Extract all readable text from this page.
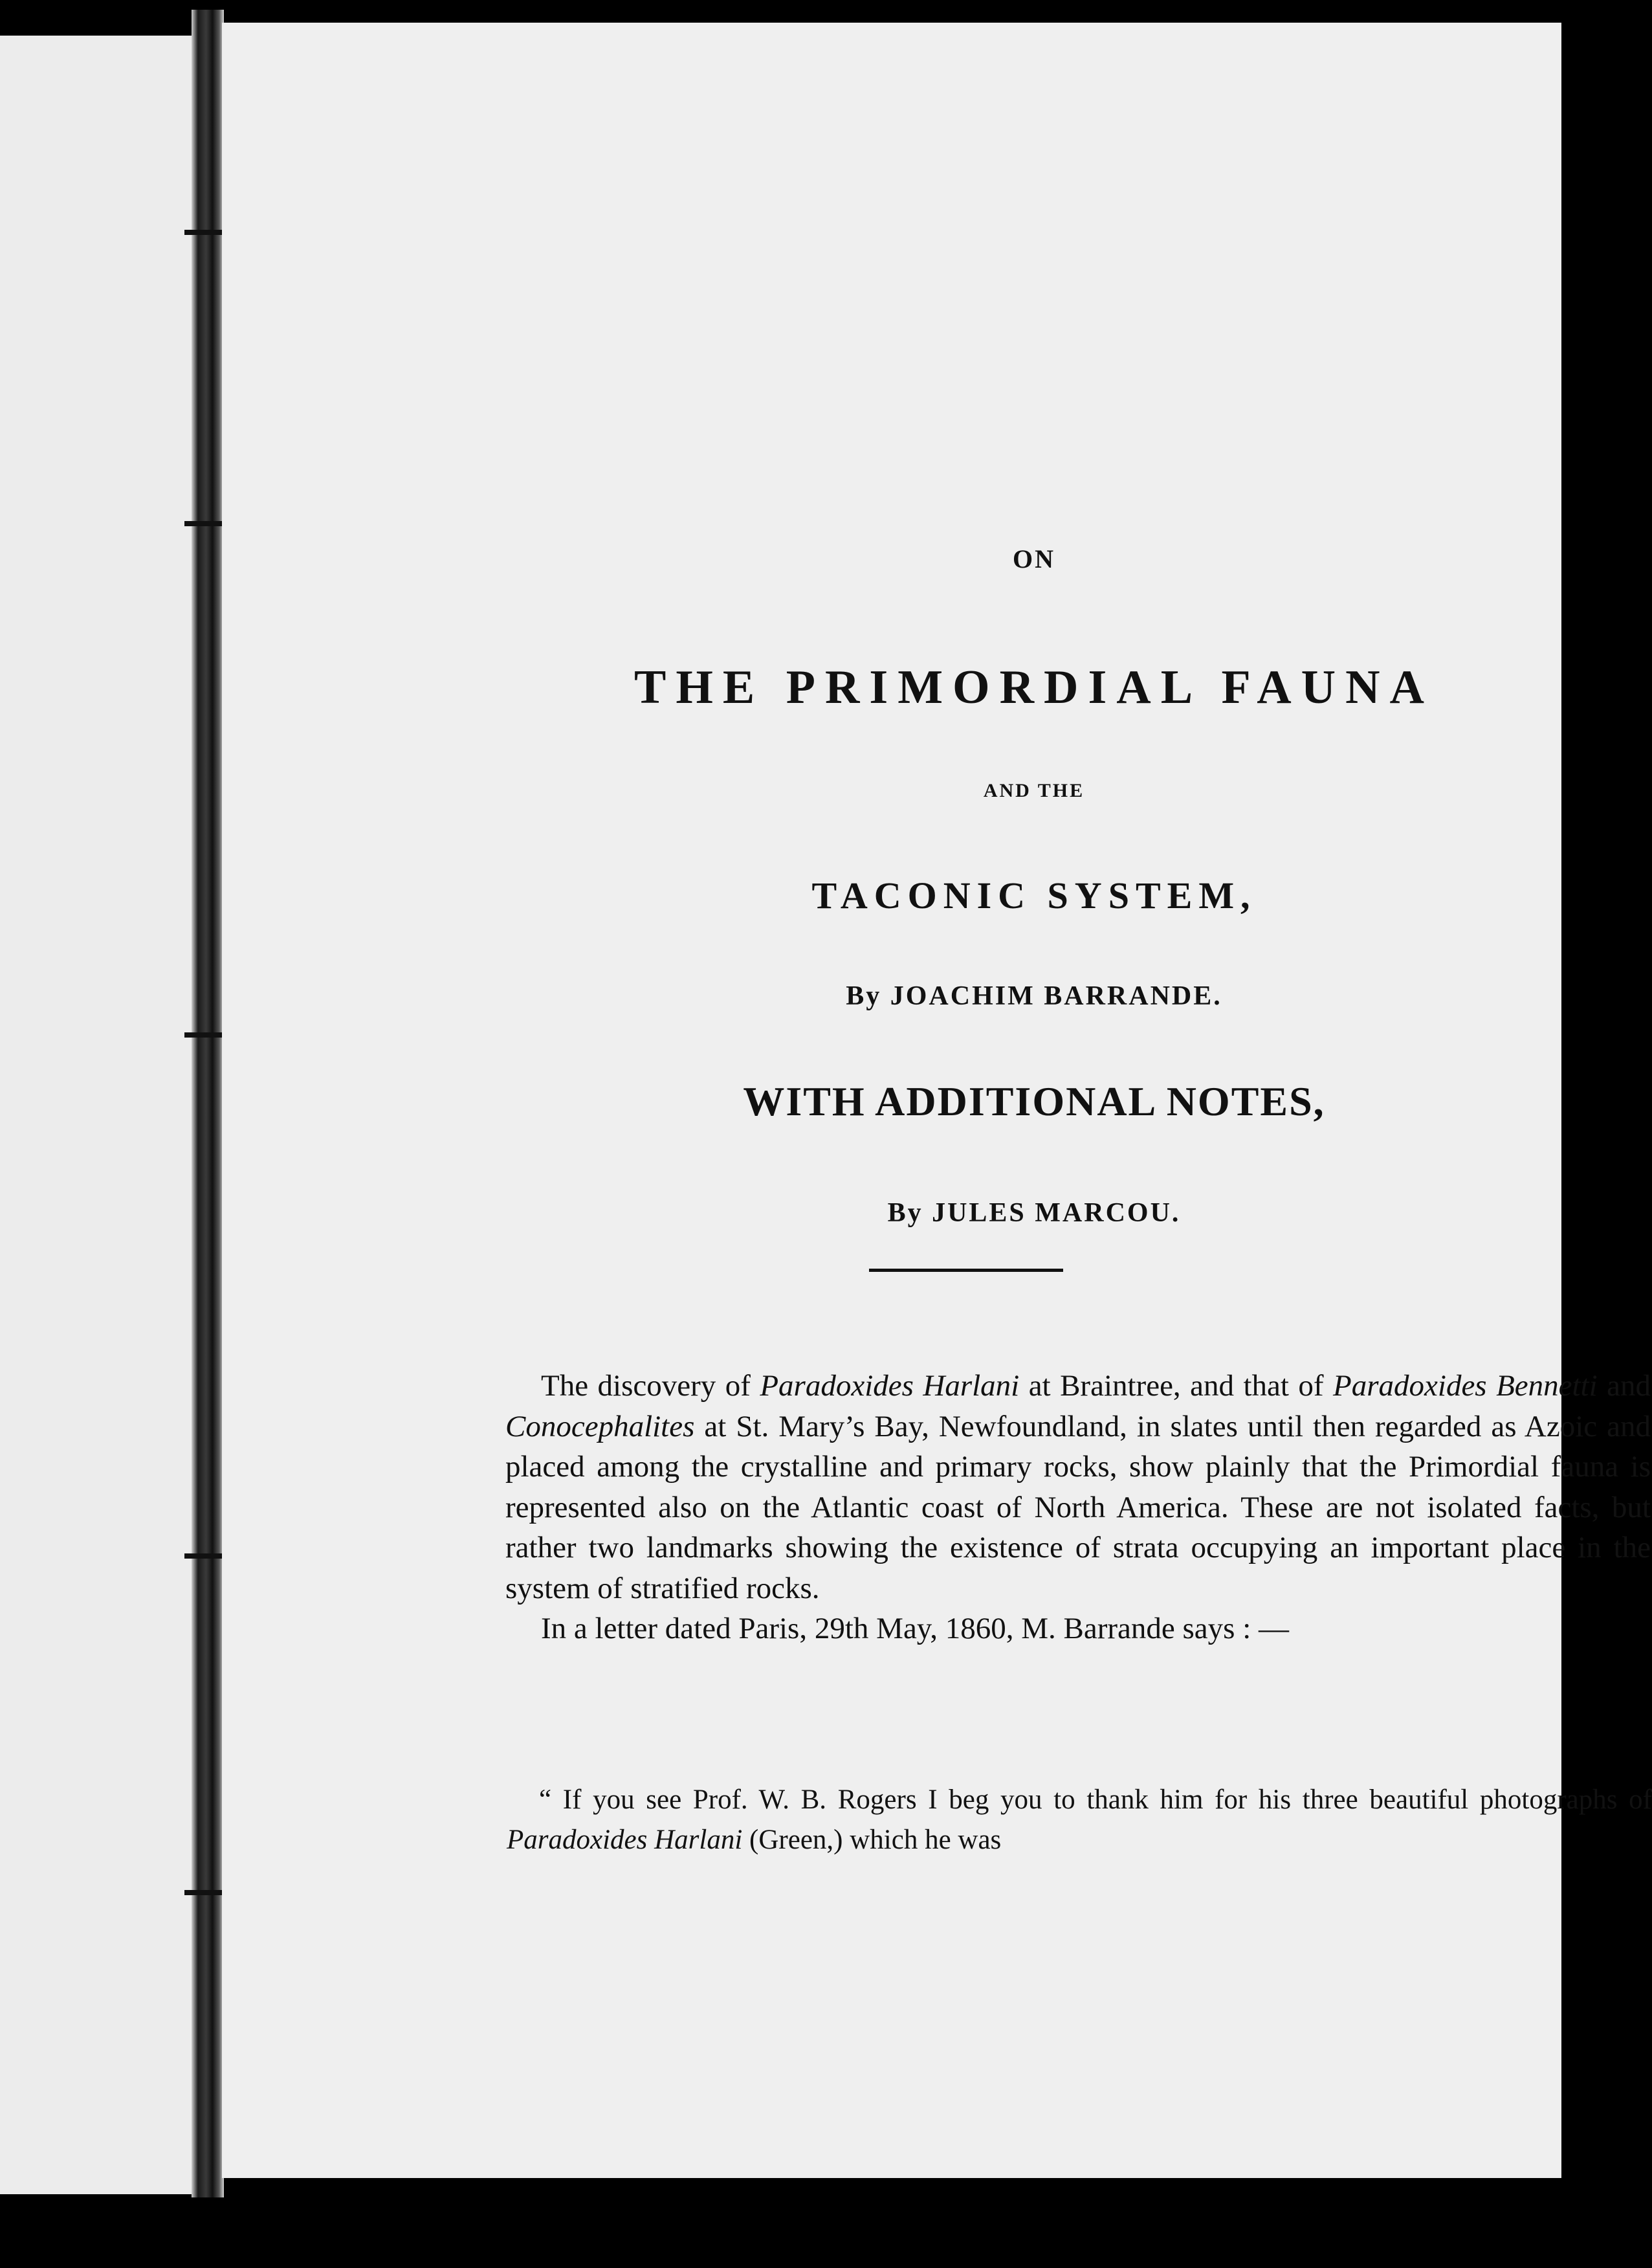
ON
THE PRIMORDIAL FAUNA
AND THE
TACONIC SYSTEM,
By JOACHIM BARRANDE.
WITH ADDITIONAL NOTES,
By JULES MARCOU.

The discovery of Paradoxides Harlani at Braintree, and that of Paradoxides Bennetti and Conocephalites at St. Mary’s Bay, Newfoundland, in slates until then regarded as Azoic and placed among the crystalline and primary rocks, show plainly that the Primordial fauna is represented also on the Atlantic coast of North America. These are not isolated facts, but rather two landmarks showing the existence of strata occupying an important place in the system of stratified rocks.

In a letter dated Paris, 29th May, 1860, M. Barrande says : —

“ If you see Prof. W. B. Rogers I beg you to thank him for his three beautiful photographs of Paradoxides Harlani (Green,) which he was
